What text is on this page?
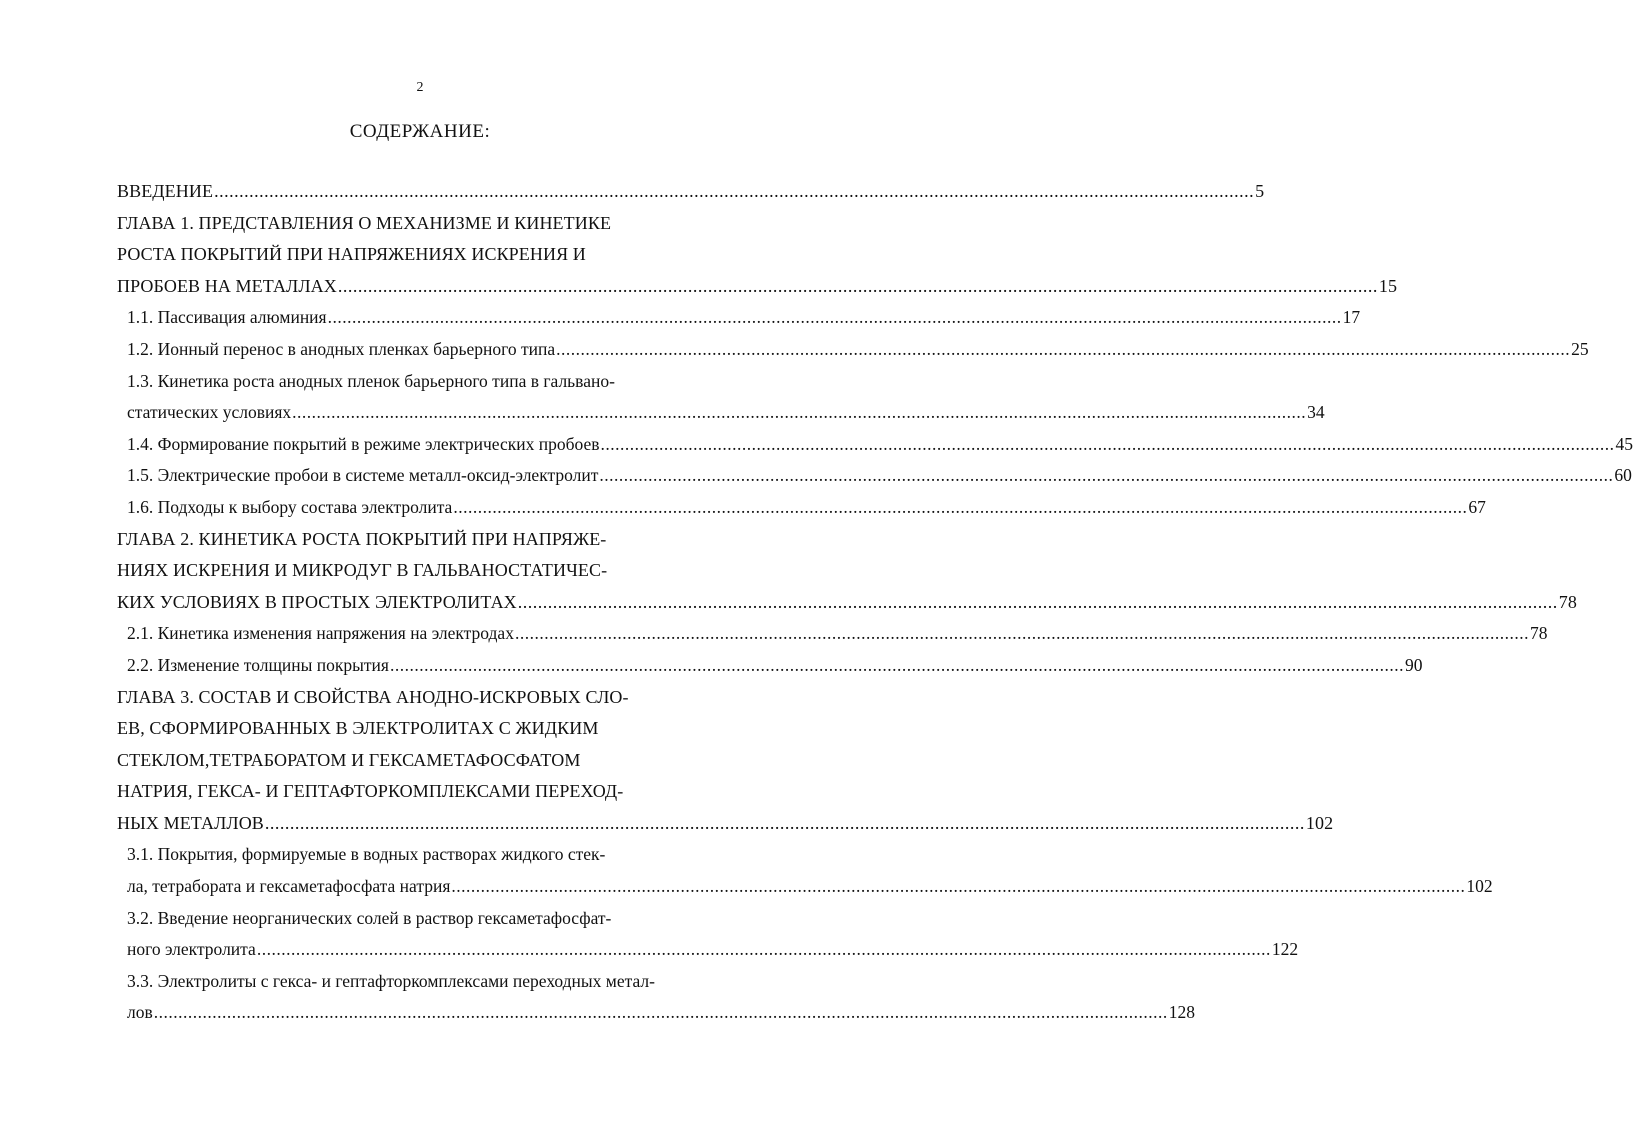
2
СОДЕРЖАНИЕ:
ВВЕДЕНИЕ .....	5
ГЛАВА 1. ПРЕДСТАВЛЕНИЯ О МЕХАНИЗМЕ И КИНЕТИКЕ
РОСТА ПОКРЫТИЙ ПРИ НАПРЯЖЕНИЯХ ИСКРЕНИЯ И
ПРОБОЕВ НА МЕТАЛЛАХ .....	15
1.1. Пассивация алюминия .....	17
1.2. Ионный перенос в анодных пленках барьерного типа .....	25
1.3. Кинетика роста анодных пленок барьерного типа в гальвано-
статических условиях .....	34
1.4. Формирование покрытий в режиме электрических пробоев .....	45
1.5. Электрические пробои в системе металл-оксид-электролит .....	60
1.6. Подходы к выбору состава электролита .....	67
ГЛАВА 2. КИНЕТИКА РОСТА ПОКРЫТИЙ ПРИ НАПРЯЖЕ-
НИЯХ ИСКРЕНИЯ И МИКРОДУГ В ГАЛЬВАНОСТАТИЧЕС-
КИХ УСЛОВИЯХ В ПРОСТЫХ ЭЛЕКТРОЛИТАХ .....	78
2.1. Кинетика изменения напряжения на электродах .....	78
2.2. Изменение толщины покрытия .....	90
ГЛАВА 3. СОСТАВ И СВОЙСТВА АНОДНО-ИСКРОВЫХ СЛО-
ЕВ, СФОРМИРОВАННЫХ В ЭЛЕКТРОЛИТАХ С ЖИДКИМ
СТЕКЛОМ,ТЕТРАБОРАТОМ И ГЕКСАМЕТАФОСФАТОМ
НАТРИЯ, ГЕКСА- И ГЕПТАФТОРКОМПЛЕКСАМИ ПЕРЕХОД-
НЫХ МЕТАЛЛОВ .....	102
3.1. Покрытия, формируемые в водных растворах жидкого стек-
ла, тетрабората и гексаметафосфата натрия .....	102
3.2. Введение неорганических солей в раствор гексаметафосфат-
ного электролита .....	122
3.3. Электролиты с гекса- и гептафторкомплексами переходных метал-
лов .....	128
